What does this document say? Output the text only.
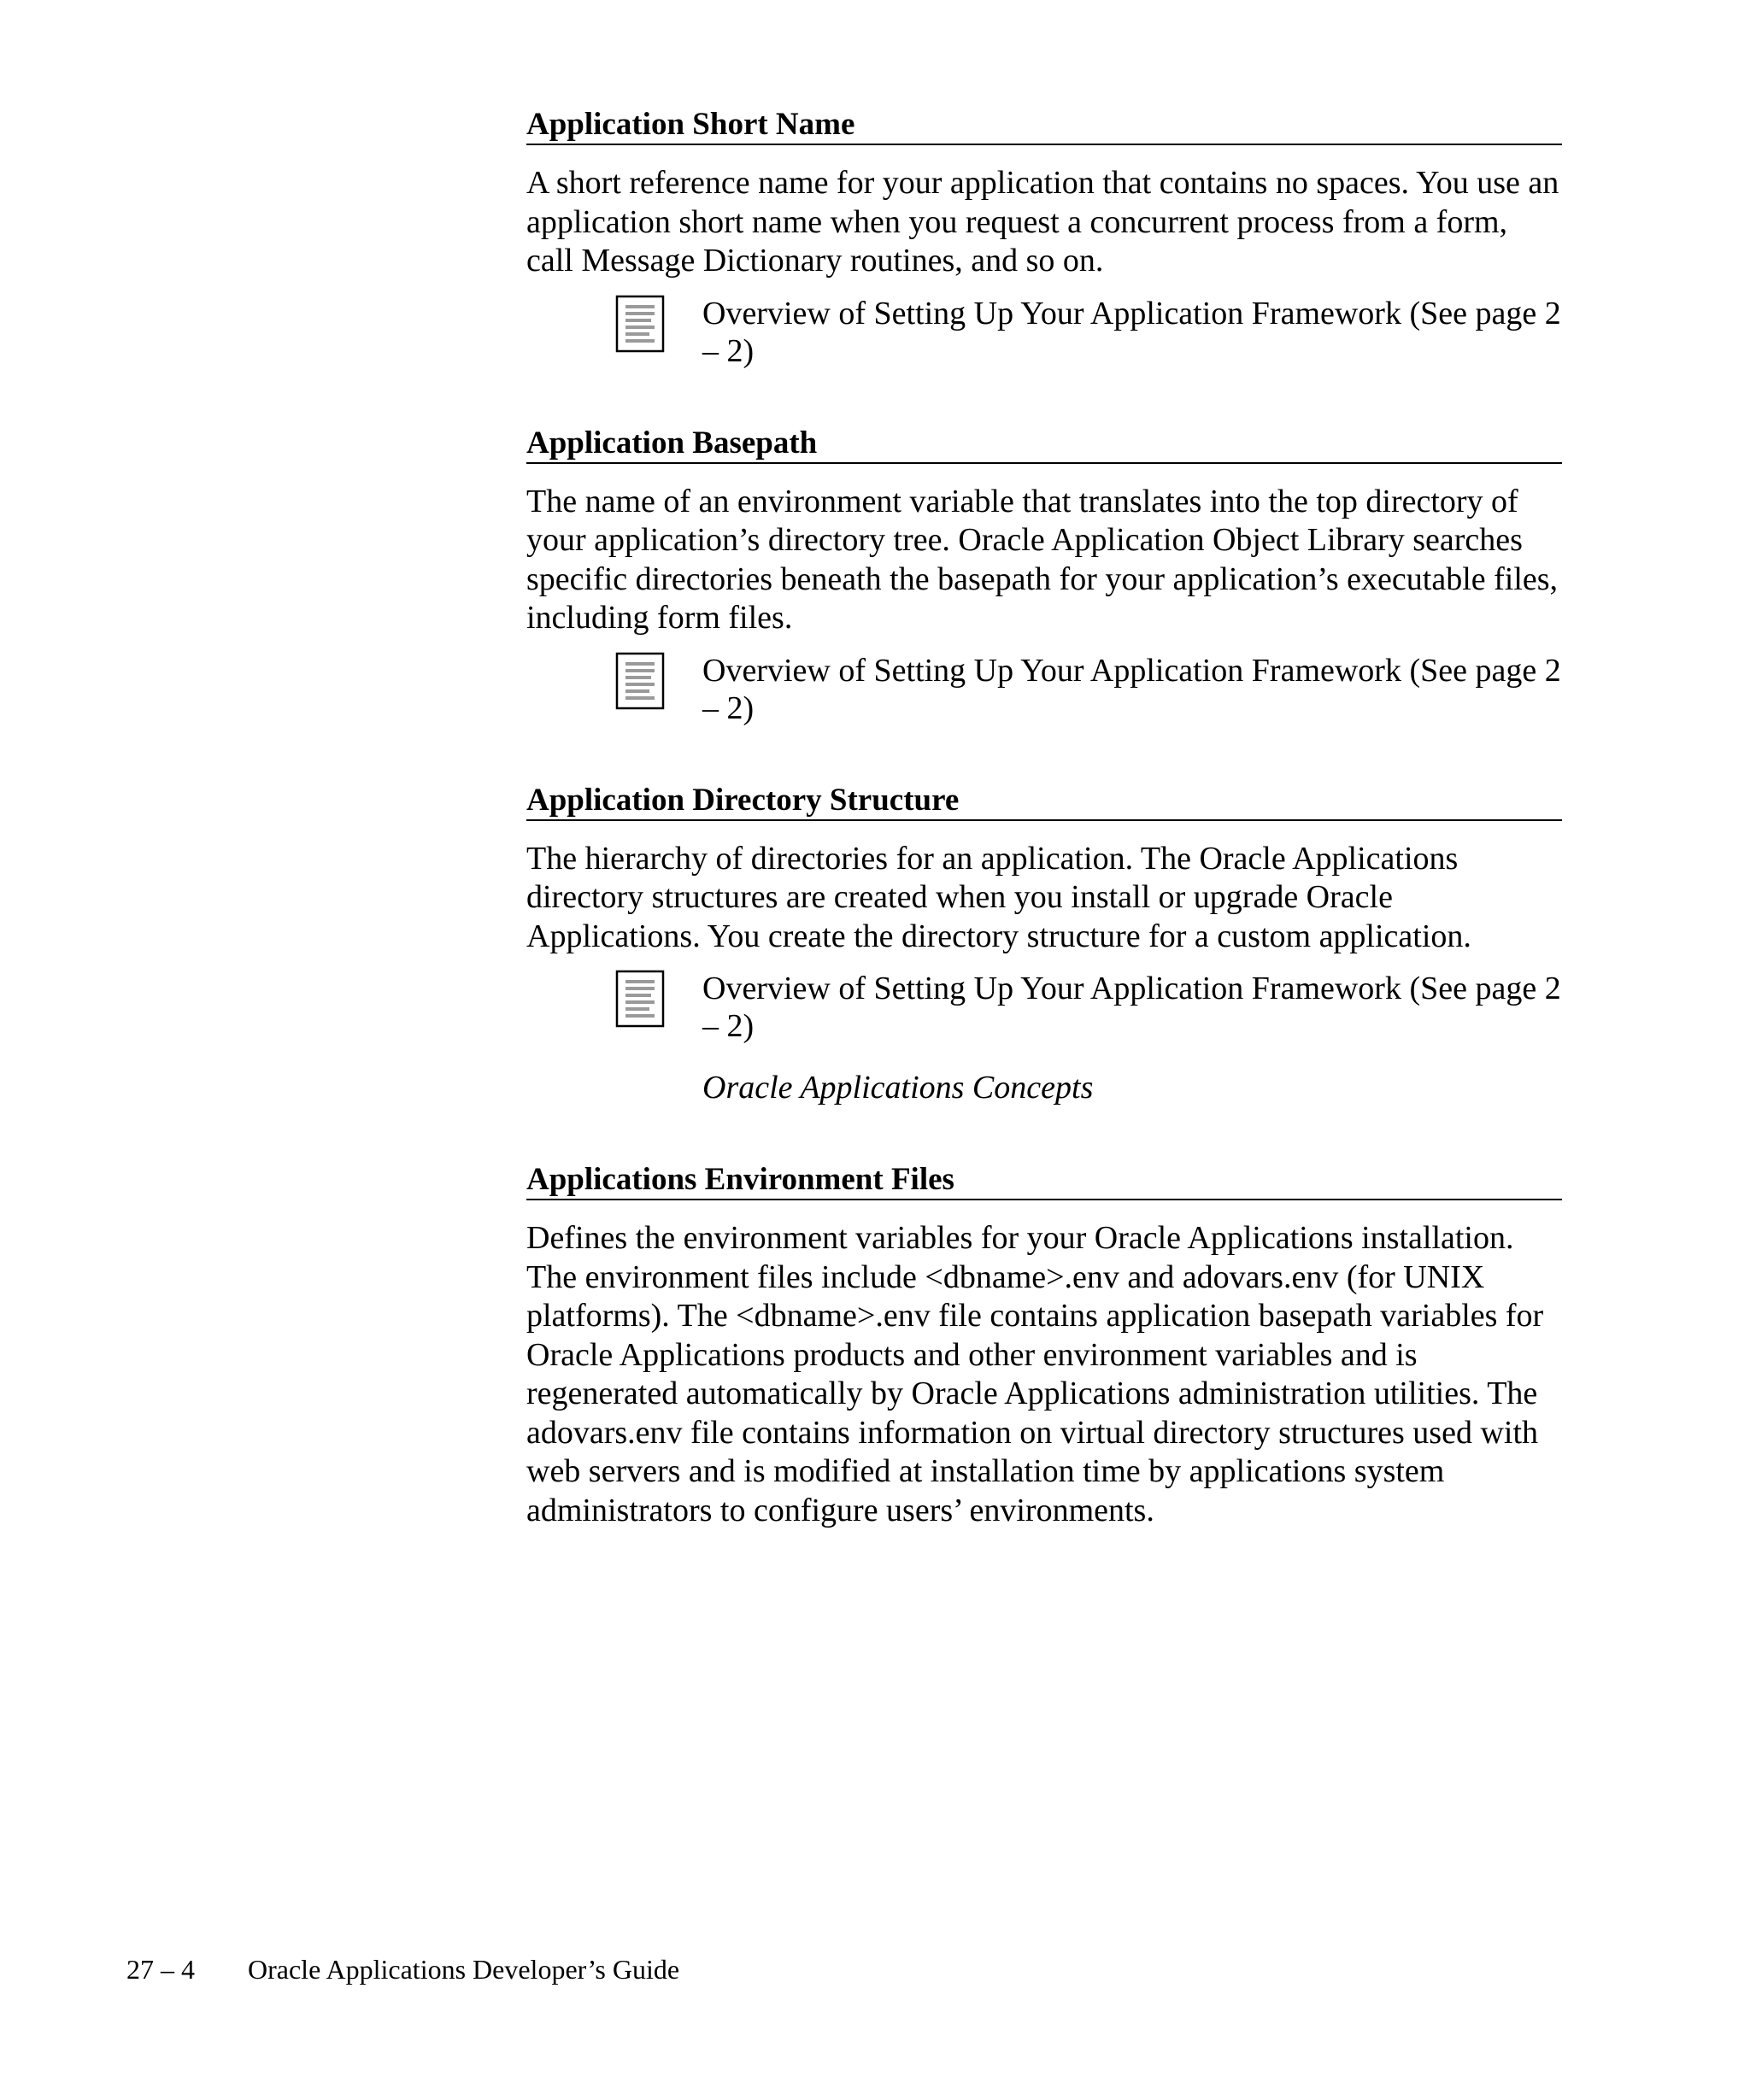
Application Short Name

A short reference name for your application that contains no spaces. You use an application short name when you request a concurrent process from a form, call Message Dictionary routines, and so on.

Overview of Setting Up Your Application Framework (See page 2 – 2)
Application Basepath

The name of an environment variable that translates into the top directory of your application’s directory tree. Oracle Application Object Library searches specific directories beneath the basepath for your application’s executable files, including form files.

Overview of Setting Up Your Application Framework (See page 2 – 2)
Application Directory Structure

The hierarchy of directories for an application. The Oracle Applications directory structures are created when you install or upgrade Oracle Applications. You create the directory structure for a custom application.

Overview of Setting Up Your Application Framework (See page 2 – 2)
Oracle Applications Concepts
Applications Environment Files

Defines the environment variables for your Oracle Applications installation. The environment files include <dbname>.env and adovars.env (for UNIX platforms). The <dbname>.env file contains application basepath variables for Oracle Applications products and other environment variables and is regenerated automatically by Oracle Applications administration utilities. The adovars.env file contains information on virtual directory structures used with web servers and is modified at installation time by applications system administrators to configure users’ environments.

27 – 4 Oracle Applications Developer’s Guide
